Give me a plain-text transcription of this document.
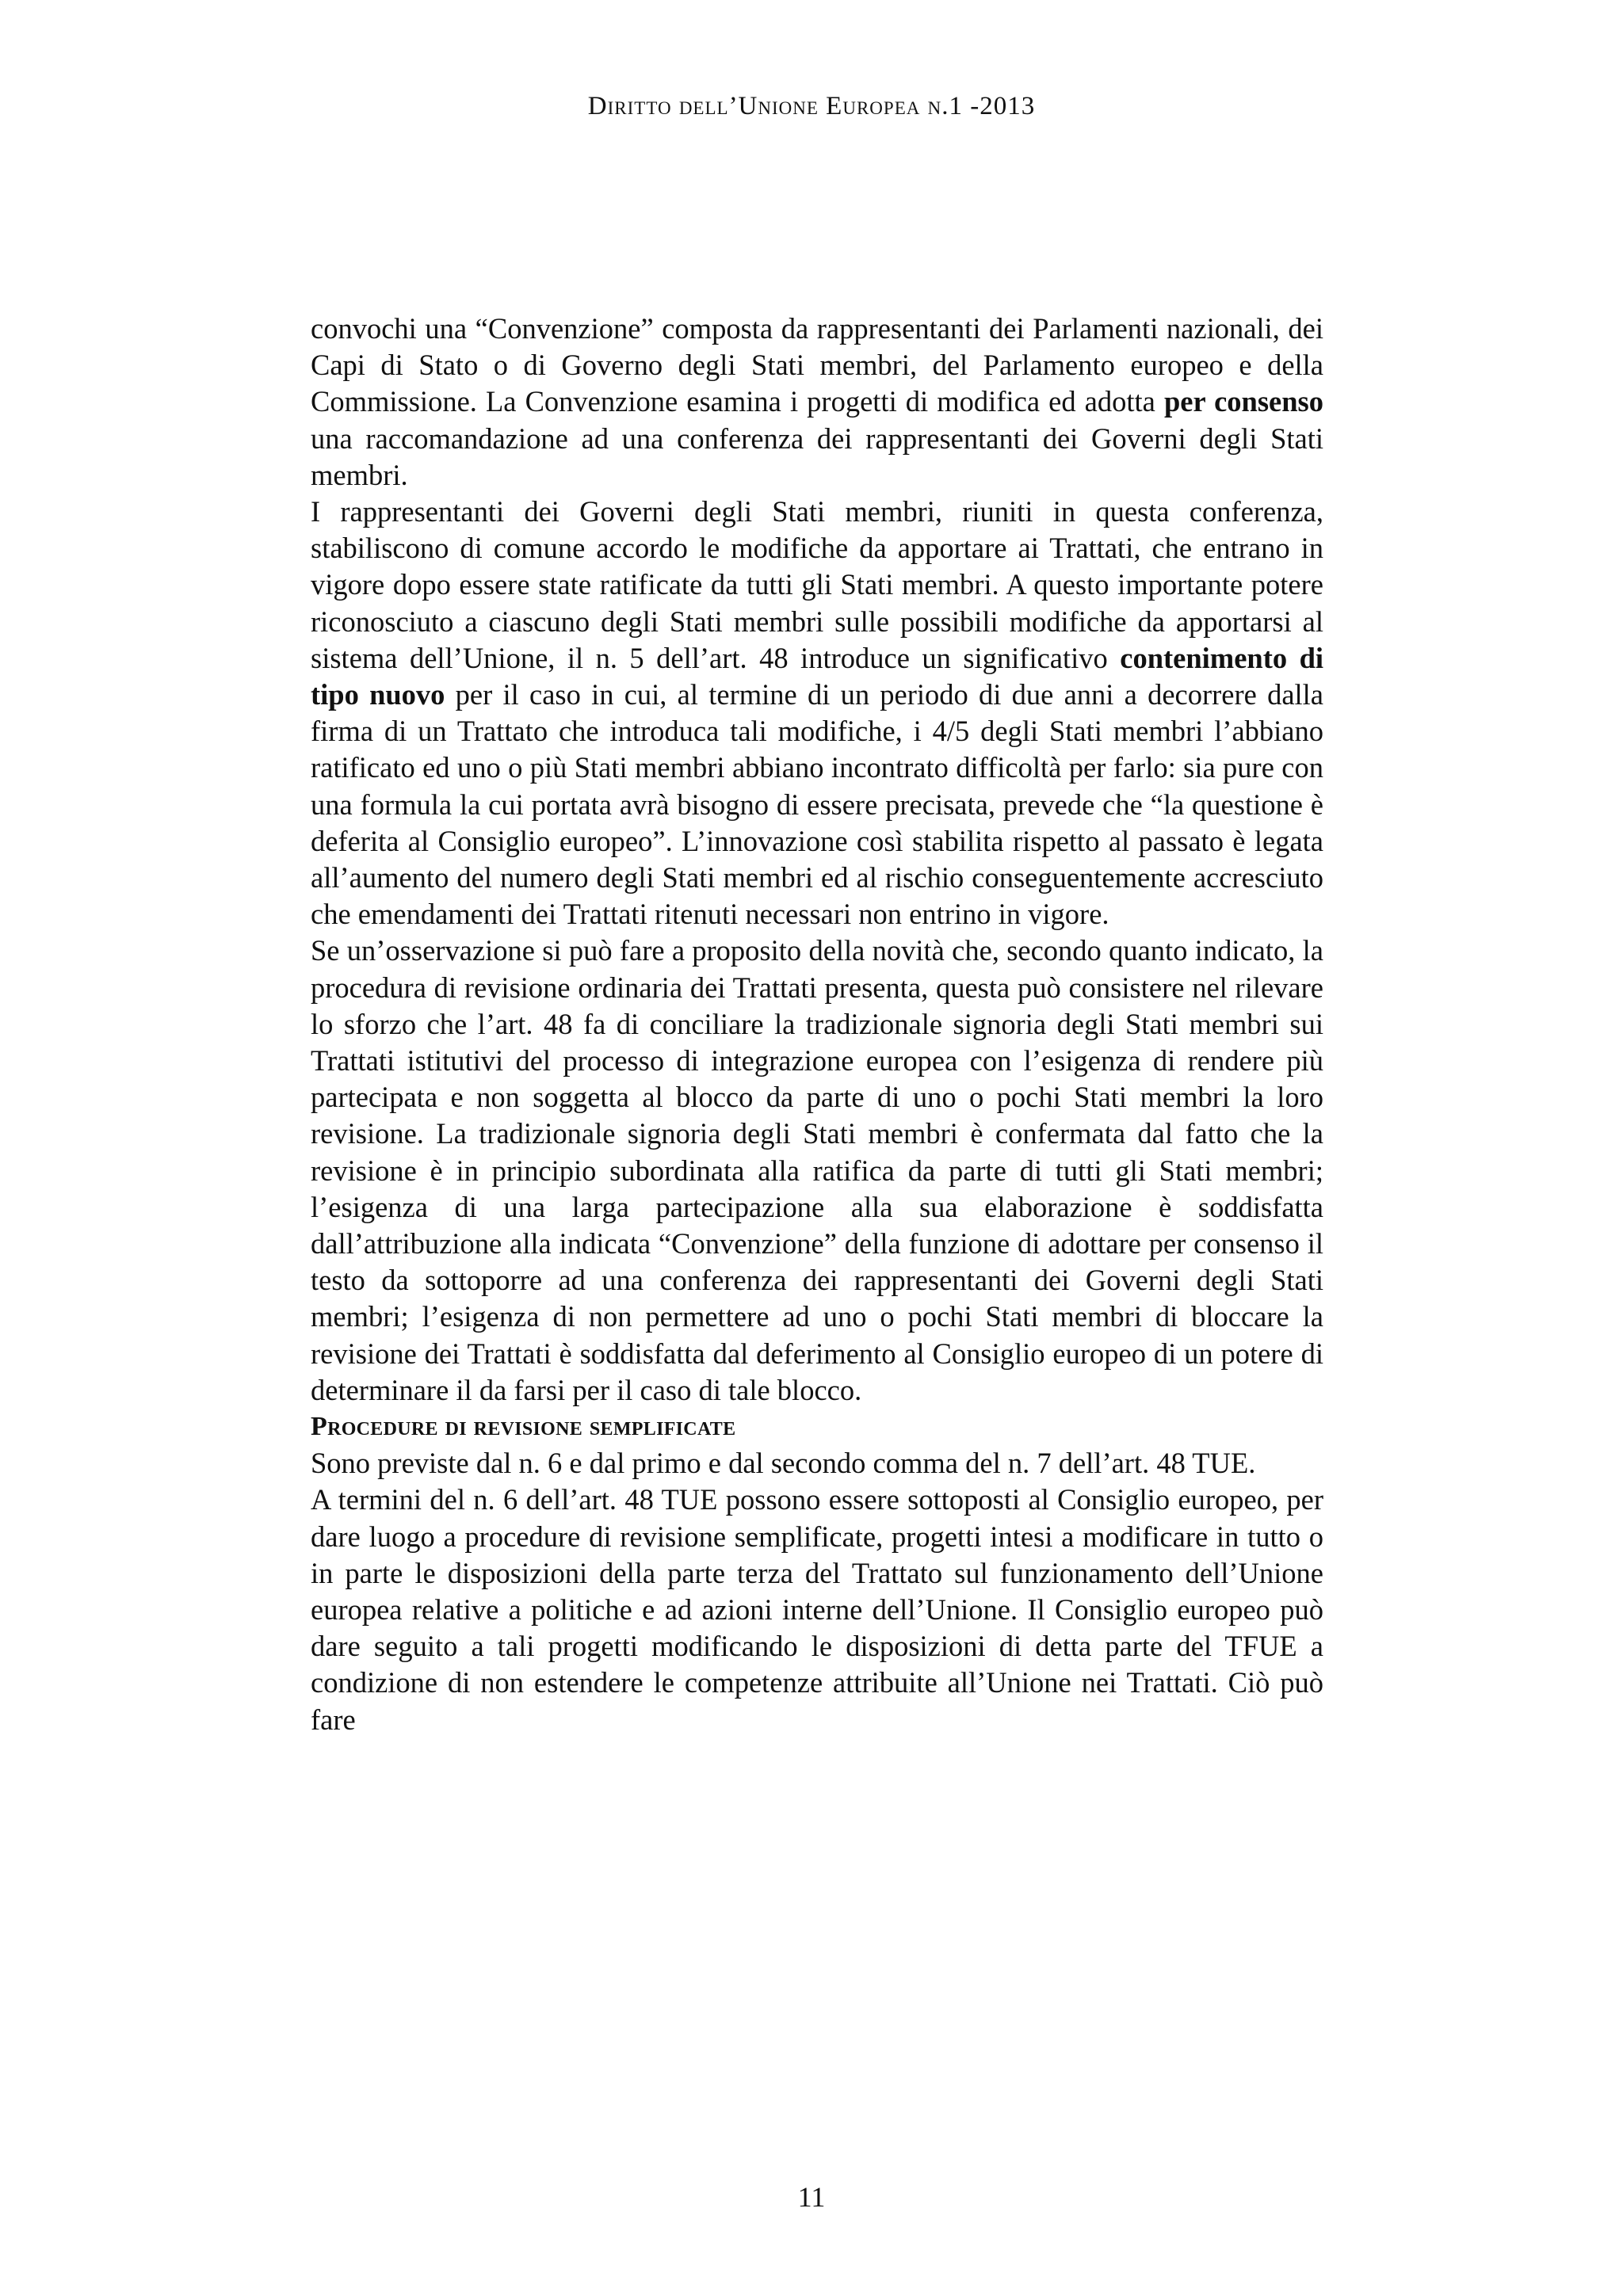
Diritto dell’Unione Europea n.1 -2013

convochi una “Convenzione” composta da rappresentanti dei Parlamenti nazionali, dei Capi di Stato o di Governo degli Stati membri, del Parlamento europeo e della Commissione. La Convenzione esamina i progetti di modifica ed adotta per consenso una raccomandazione ad una conferenza dei rappresentanti dei Governi degli Stati membri.

I rappresentanti dei Governi degli Stati membri, riuniti in questa conferenza, stabiliscono di comune accordo le modifiche da apportare ai Trattati, che entrano in vigore dopo essere state ratificate da tutti gli Stati membri. A questo importante potere riconosciuto a ciascuno degli Stati membri sulle possibili modifiche da apportarsi al sistema dell’Unione, il n. 5 dell’art. 48 introduce un significativo contenimento di tipo nuovo per il caso in cui, al termine di un periodo di due anni a decorrere dalla firma di un Trattato che introduca tali modifiche, i 4/5 degli Stati membri l’abbiano ratificato ed uno o più Stati membri abbiano incontrato difficoltà per farlo: sia pure con una formula la cui portata avrà bisogno di essere precisata, prevede che “la questione è deferita al Consiglio europeo”. L’innovazione così stabilita rispetto al passato è legata all’aumento del numero degli Stati membri ed al rischio conseguentemente accresciuto che emendamenti dei Trattati ritenuti necessari non entrino in vigore.

Se un’osservazione si può fare a proposito della novità che, secondo quanto indicato, la procedura di revisione ordinaria dei Trattati presenta, questa può consistere nel rilevare lo sforzo che l’art. 48 fa di conciliare la tradizionale signoria degli Stati membri sui Trattati istitutivi del processo di integrazione europea con l’esigenza di rendere più partecipata e non soggetta al blocco da parte di uno o pochi Stati membri la loro revisione. La tradizionale signoria degli Stati membri è confermata dal fatto che la revisione è in principio subordinata alla ratifica da parte di tutti gli Stati membri; l’esigenza di una larga partecipazione alla sua elaborazione è soddisfatta dall’attribuzione alla indicata “Convenzione” della funzione di adottare per consenso il testo da sottoporre ad una conferenza dei rappresentanti dei Governi degli Stati membri; l’esigenza di non permettere ad uno o pochi Stati membri di bloccare la revisione dei Trattati è soddisfatta dal deferimento al Consiglio europeo di un potere di determinare il da farsi per il caso di tale blocco.

Procedure di revisione semplificate

Sono previste dal n. 6 e dal primo e dal secondo comma del n. 7 dell’art. 48 TUE.

A termini del n. 6 dell’art. 48 TUE possono essere sottoposti al Consiglio europeo, per dare luogo a procedure di revisione semplificate, progetti intesi a modificare in tutto o in parte le disposizioni della parte terza del Trattato sul funzionamento dell’Unione europea relative a politiche e ad azioni interne dell’Unione. Il Consiglio europeo può dare seguito a tali progetti modificando le disposizioni di detta parte del TFUE a condizione di non estendere le competenze attribuite all’Unione nei Trattati. Ciò può fare

11
